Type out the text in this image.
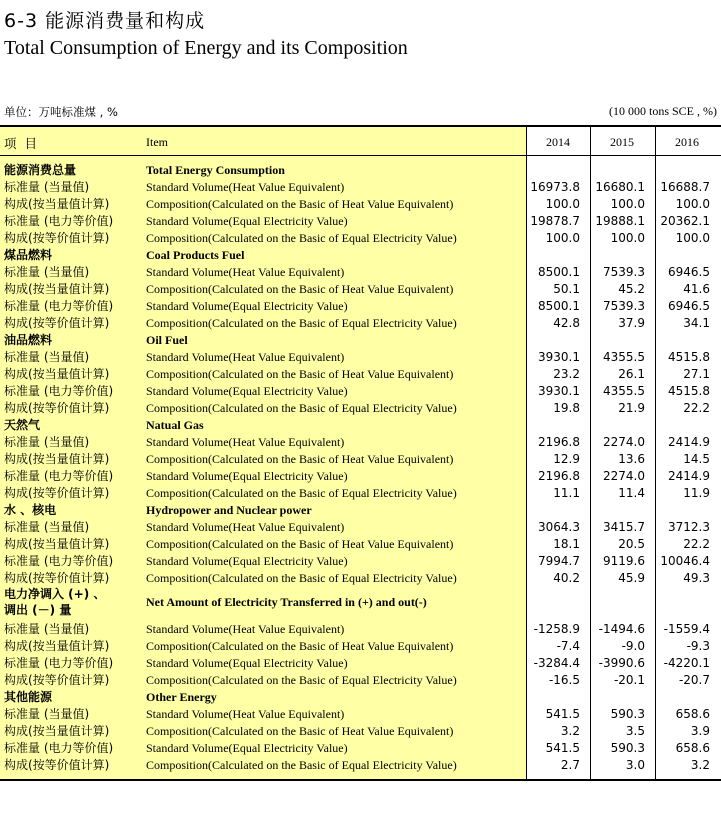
6-3 能源消费量和构成
Total Consumption of Energy and its Composition
单位：万吨标准煤 , %	(10 000 tons SCE , %)
项 目	Item	2014	2015	2016
能源消费总量	Total Energy Consumption
标准量 (当量值)	Standard Volume(Heat Value Equivalent)	16973.8	16680.1	16688.7
构成(按当量值计算)	Composition(Calculated on the Basic of Heat Value Equivalent)	100.0	100.0	100.0
标准量 (电力等价值)	Standard Volume(Equal Electricity Value)	19878.7	19888.1	20362.1
构成(按等价值计算)	Composition(Calculated on the Basic of Equal Electricity Value)	100.0	100.0	100.0
煤品燃料	Coal Products Fuel
标准量 (当量值)	Standard Volume(Heat Value Equivalent)	8500.1	7539.3	6946.5
构成(按当量值计算)	Composition(Calculated on the Basic of Heat Value Equivalent)	50.1	45.2	41.6
标准量 (电力等价值)	Standard Volume(Equal Electricity Value)	8500.1	7539.3	6946.5
构成(按等价值计算)	Composition(Calculated on the Basic of Equal Electricity Value)	42.8	37.9	34.1
油品燃料	Oil Fuel
标准量 (当量值)	Standard Volume(Heat Value Equivalent)	3930.1	4355.5	4515.8
构成(按当量值计算)	Composition(Calculated on the Basic of Heat Value Equivalent)	23.2	26.1	27.1
标准量 (电力等价值)	Standard Volume(Equal Electricity Value)	3930.1	4355.5	4515.8
构成(按等价值计算)	Composition(Calculated on the Basic of Equal Electricity Value)	19.8	21.9	22.2
天然气	Natual Gas
标准量 (当量值)	Standard Volume(Heat Value Equivalent)	2196.8	2274.0	2414.9
构成(按当量值计算)	Composition(Calculated on the Basic of Heat Value Equivalent)	12.9	13.6	14.5
标准量 (电力等价值)	Standard Volume(Equal Electricity Value)	2196.8	2274.0	2414.9
构成(按等价值计算)	Composition(Calculated on the Basic of Equal Electricity Value)	11.1	11.4	11.9
水 、核电	Hydropower and Nuclear power
标准量 (当量值)	Standard Volume(Heat Value Equivalent)	3064.3	3415.7	3712.3
构成(按当量值计算)	Composition(Calculated on the Basic of Heat Value Equivalent)	18.1	20.5	22.2
标准量 (电力等价值)	Standard Volume(Equal Electricity Value)	7994.7	9119.6	10046.4
构成(按等价值计算)	Composition(Calculated on the Basic of Equal Electricity Value)	40.2	45.9	49.3
电力净调入 (+) 、
调出 (－) 量
Net Amount of Electricity Transferred in (+) and out(-)
标准量 (当量值)	Standard Volume(Heat Value Equivalent)	-1258.9	-1494.6	-1559.4
构成(按当量值计算)	Composition(Calculated on the Basic of Heat Value Equivalent)	-7.4	-9.0	-9.3
标准量 (电力等价值)	Standard Volume(Equal Electricity Value)	-3284.4	-3990.6	-4220.1
构成(按等价值计算)	Composition(Calculated on the Basic of Equal Electricity Value)	-16.5	-20.1	-20.7
其他能源	Other Energy
标准量 (当量值)	Standard Volume(Heat Value Equivalent)	541.5	590.3	658.6
构成(按当量值计算)	Composition(Calculated on the Basic of Heat Value Equivalent)	3.2	3.5	3.9
标准量 (电力等价值)	Standard Volume(Equal Electricity Value)	541.5	590.3	658.6
构成(按等价值计算)	Composition(Calculated on the Basic of Equal Electricity Value)	2.7	3.0	3.2
